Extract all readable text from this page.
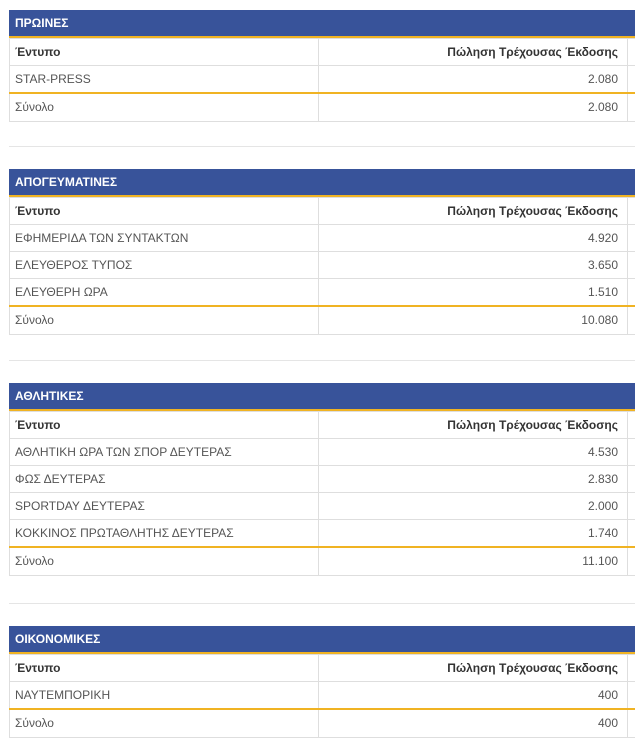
ΠΡΩΙΝΕΣ
Έντυπο	Πώληση Τρέχουσας Έκδοσης	
STAR-PRESS	2.080	
Σύνολο	2.080	
ΑΠΟΓΕΥΜΑΤΙΝΕΣ
Έντυπο	Πώληση Τρέχουσας Έκδοσης	
ΕΦΗΜΕΡΙΔΑ ΤΩΝ ΣΥΝΤΑΚΤΩΝ	4.920	
ΕΛΕΥΘΕΡΟΣ ΤΥΠΟΣ	3.650	
ΕΛΕΥΘΕΡΗ ΩΡΑ	1.510	
Σύνολο	10.080	
ΑΘΛΗΤΙΚΕΣ
Έντυπο	Πώληση Τρέχουσας Έκδοσης	
ΑΘΛΗΤΙΚΗ ΩΡΑ ΤΩΝ ΣΠΟΡ ΔΕΥΤΕΡΑΣ	4.530	
ΦΩΣ ΔΕΥΤΕΡΑΣ	2.830	
SPORTDAY ΔΕΥΤΕΡΑΣ	2.000	
ΚΟΚΚΙΝΟΣ ΠΡΩΤΑΘΛΗΤΗΣ ΔΕΥΤΕΡΑΣ	1.740	
Σύνολο	11.100	
ΟΙΚΟΝΟΜΙΚΕΣ
Έντυπο	Πώληση Τρέχουσας Έκδοσης	
ΝΑΥΤΕΜΠΟΡΙΚΗ	400	
Σύνολο	400	
